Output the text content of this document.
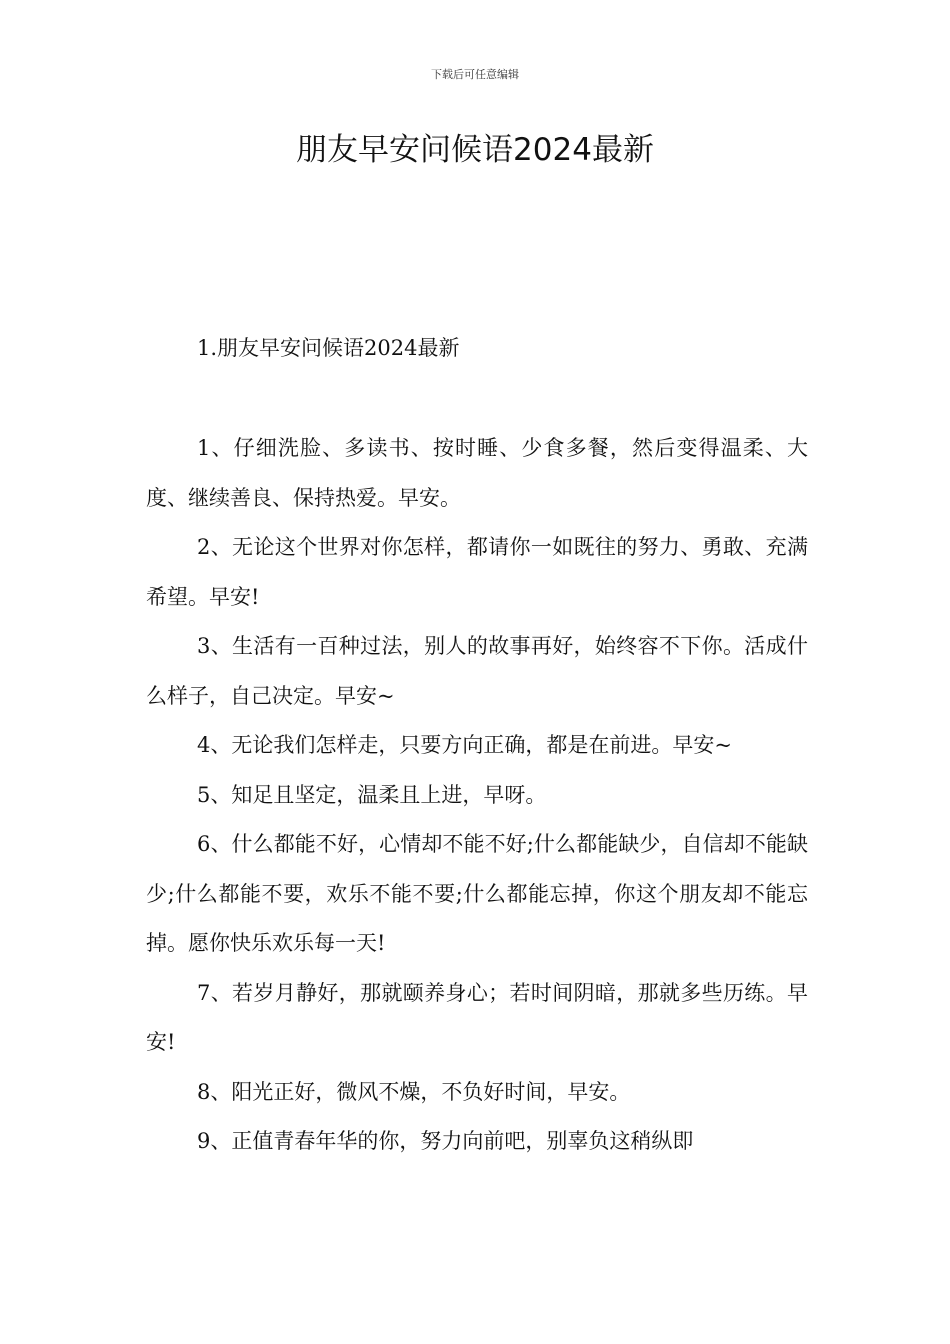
下载后可任意编辑
朋友早安问候语2024最新
1.朋友早安问候语2024最新

1、仔细洗脸、多读书、按时睡、少食多餐，然后变得温柔、大度、继续善良、保持热爱。早安。

2、无论这个世界对你怎样，都请你一如既往的努力、勇敢、充满希望。早安!

3、生活有一百种过法，别人的故事再好，始终容不下你。活成什么样子，自己决定。早安~

4、无论我们怎样走，只要方向正确，都是在前进。早安~

5、知足且坚定，温柔且上进，早呀。

6、什么都能不好，心情却不能不好;什么都能缺少，自信却不能缺少;什么都能不要，欢乐不能不要;什么都能忘掉，你这个朋友却不能忘掉。愿你快乐欢乐每一天!

7、若岁月静好，那就颐养身心；若时间阴暗，那就多些历练。早安!

8、阳光正好，微风不燥，不负好时间，早安。

9、正值青春年华的你，努力向前吧，别辜负这稍纵即
